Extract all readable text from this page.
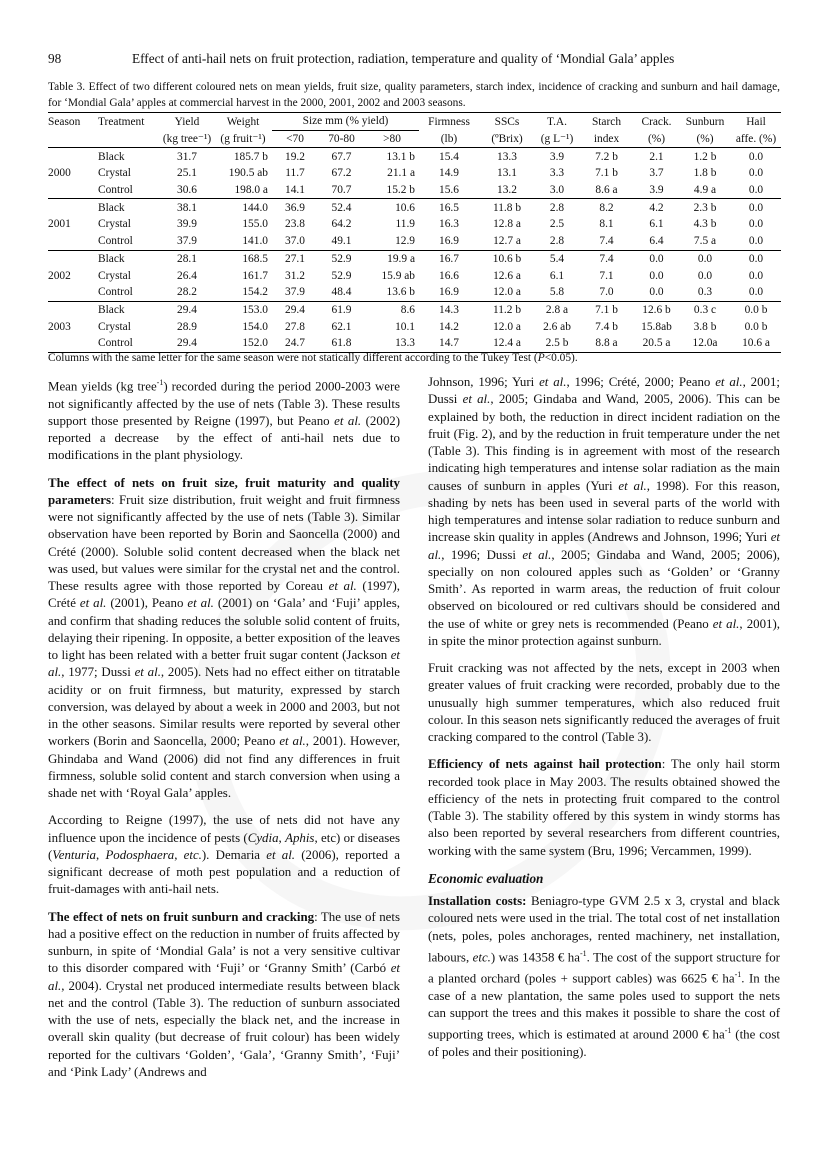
98	Effect of anti-hail nets on fruit protection, radiation, temperature and quality of ‘Mondial Gala’ apples
Table 3. Effect of two different coloured nets on mean yields, fruit size, quality parameters, starch index, incidence of cracking and sunburn and hail damage, for ‘Mondial Gala’ apples at commercial harvest in the 2000, 2001, 2002 and 2003 seasons.
Season	Treatment	Yield	Weight	Size mm (% yield)			Firmness	SSCs	T.A.	Starch	Crack.	Sunburn	Hail
		(kg tree⁻¹)	(g fruit⁻¹)	<70	70-80	>80	(lb)	(ºBrix)	(g L⁻¹)	index	(%)	(%)	affe. (%)
	Black	31.7	185.7 b	19.2	67.7	13.1 b	15.4	13.3	3.9	7.2 b	2.1	1.2 b	0.0
2000	Crystal	25.1	190.5 ab	11.7	67.2	21.1 a	14.9	13.1	3.3	7.1 b	3.7	1.8 b	0.0
	Control	30.6	198.0 a	14.1	70.7	15.2 b	15.6	13.2	3.0	8.6 a	3.9	4.9 a	0.0
	Black	38.1	144.0	36.9	52.4	10.6	16.5	11.8 b	2.8	8.2	4.2	2.3 b	0.0
2001	Crystal	39.9	155.0	23.8	64.2	11.9	16.3	12.8 a	2.5	8.1	6.1	4.3 b	0.0
	Control	37.9	141.0	37.0	49.1	12.9	16.9	12.7 a	2.8	7.4	6.4	7.5 a	0.0
	Black	28.1	168.5	27.1	52.9	19.9 a	16.7	10.6 b	5.4	7.4	0.0	0.0	0.0
2002	Crystal	26.4	161.7	31.2	52.9	15.9 ab	16.6	12.6 a	6.1	7.1	0.0	0.0	0.0
	Control	28.2	154.2	37.9	48.4	13.6 b	16.9	12.0 a	5.8	7.0	0.0	0.3	0.0
	Black	29.4	153.0	29.4	61.9	8.6	14.3	11.2 b	2.8 a	7.1 b	12.6 b	0.3 c	0.0 b
2003	Crystal	28.9	154.0	27.8	62.1	10.1	14.2	12.0 a	2.6 ab	7.4 b	15.8ab	3.8 b	0.0 b
	Control	29.4	152.0	24.7	61.8	13.3	14.7	12.4 a	2.5 b	8.8 a	20.5 a	12.0a	10.6 a
Columns with the same letter for the same season were not statically different according to the Tukey Test (P<0.05).

Mean yields (kg tree$^{-1}$) recorded during the period 2000-2003 were not significantly affected by the use of nets (Table 3). These results support those presented by Reigne (1997), but Peano et al. (2002) reported a decrease  by the effect of anti-hail nets due to modifications in the plant physiology.

The effect of nets on fruit size, fruit maturity and quality parameters: Fruit size distribution, fruit weight and fruit firmness were not significantly affected by the use of nets (Table 3). Similar observation have been reported by Borin and Saoncella (2000) and Crété (2000). Soluble solid content decreased when the black net was used, but values were similar for the crystal net and the control. These results agree with those reported by Coreau et al. (1997), Crété et al. (2001), Peano et al. (2001) on ‘Gala’ and ‘Fuji’ apples, and confirm that shading reduces the soluble solid content of fruits, delaying their ripening. In opposite, a better exposition of the leaves to light has been related with a better fruit sugar content (Jackson et al., 1977; Dussi et al., 2005). Nets had no effect either on titratable acidity or on fruit firmness, but maturity, expressed by starch conversion, was delayed by about a week in 2000 and 2003, but not in the other seasons. Similar results were reported by several other workers (Borin and Saoncella, 2000; Peano et al., 2001). However, Ghindaba and Wand (2006) did not find any differences in fruit firmness, soluble solid content and starch conversion when using a shade net with ‘Royal Gala’ apples.

According to Reigne (1997), the use of nets did not have any influence upon the incidence of pests (Cydia, Aphis, etc) or diseases (Venturia, Podosphaera, etc.). Demaria et al. (2006), reported a significant decrease of moth pest population and a reduction of fruit-damages with anti-hail nets.

The effect of nets on fruit sunburn and cracking: The use of nets had a positive effect on the reduction in number of fruits affected by sunburn, in spite of ‘Mondial Gala’ is not a very sensitive cultivar to this disorder compared with ‘Fuji’ or ‘Granny Smith’ (Carbó et al., 2004). Crystal net produced intermediate results between black net and the control (Table 3). The reduction of sunburn associated with the use of nets, especially the black net, and the increase in overall skin quality (but decrease of fruit colour) has been widely reported for the cultivars ‘Golden’, ‘Gala’, ‘Granny Smith’, ‘Fuji’ and ‘Pink Lady’ (Andrews and

Johnson, 1996; Yuri et al., 1996; Crété, 2000; Peano et al., 2001; Dussi et al., 2005; Gindaba and Wand, 2005, 2006). This can be explained by both, the reduction in direct incident radiation on the fruit (Fig. 2), and by the reduction in fruit temperature under the net (Table 3). This finding is in agreement with most of the research indicating high temperatures and intense solar radiation as the main causes of sunburn in apples (Yuri et al., 1998). For this reason, shading by nets has been used in several parts of the world with high temperatures and intense solar radiation to reduce sunburn and increase skin quality in apples (Andrews and Johnson, 1996; Yuri et al., 1996; Dussi et al., 2005; Gindaba and Wand, 2005; 2006), specially on non coloured apples such as ‘Golden’ or ‘Granny Smith’. As reported in warm areas, the reduction of fruit colour observed on bicoloured or red cultivars should be considered and the use of white or grey nets is recommended (Peano et al., 2001), in spite the minor protection against sunburn.

Fruit cracking was not affected by the nets, except in 2003 when greater values of fruit cracking were recorded, probably due to the unusually high summer temperatures, which also reduced fruit colour. In this season nets significantly reduced the averages of fruit cracking compared to the control (Table 3).

Efficiency of nets against hail protection: The only hail storm recorded took place in May 2003. The results obtained showed the efficiency of the nets in protecting fruit compared to the control (Table 3). The stability offered by this system in windy storms has also been reported by several researchers from different countries, working with the same system (Bru, 1996; Vercammen, 1999).

Economic evaluation

Installation costs: Beniagro-type GVM 2.5 x 3, crystal and black coloured nets were used in the trial. The total cost of net installation (nets, poles, poles anchorages, rented machinery, net installation, labours, etc.) was 14358 € $ha^{-1}$. The cost of the support structure for a planted orchard (poles + support cables) was 6625 € $ha^{-1}$. In the case of a new plantation, the same poles used to support the nets can support the trees and this makes it possible to share the cost of supporting trees, which is estimated at around 2000 € $ha^{-1}$ (the cost of poles and their positioning).
